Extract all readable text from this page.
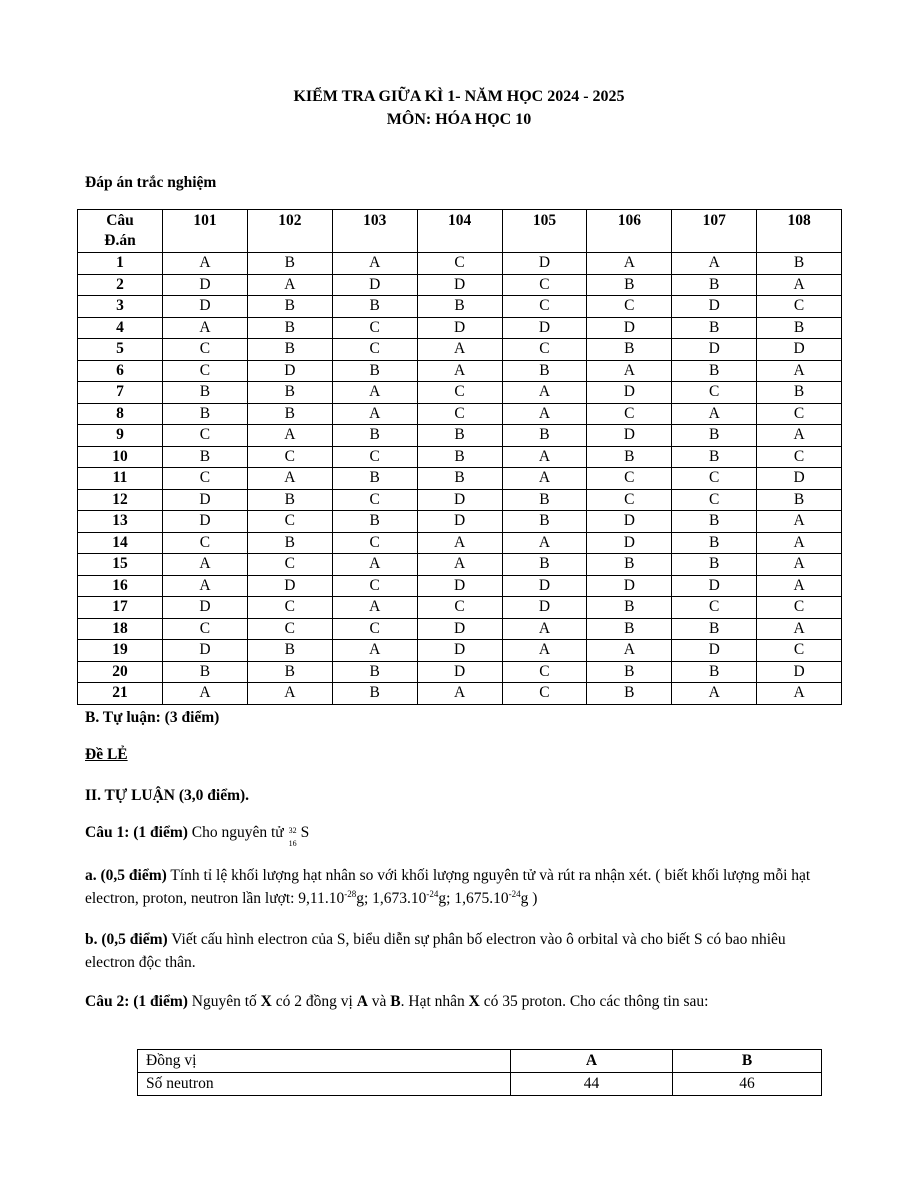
KIỂM TRA GIỮA KÌ 1- NĂM HỌC 2024 - 2025
MÔN: HÓA HỌC 10
Đáp án trắc nghiệm
Câu
Đ.án	101	102	103	104	105	106	107	108
1	A	B	A	C	D	A	A	B
2	D	A	D	D	C	B	B	A
3	D	B	B	B	C	C	D	C
4	A	B	C	D	D	D	B	B
5	C	B	C	A	C	B	D	D
6	C	D	B	A	B	A	B	A
7	B	B	A	C	A	D	C	B
8	B	B	A	C	A	C	A	C
9	C	A	B	B	B	D	B	A
10	B	C	C	B	A	B	B	C
11	C	A	B	B	A	C	C	D
12	D	B	C	D	B	C	C	B
13	D	C	B	D	B	D	B	A
14	C	B	C	A	A	D	B	A
15	A	C	A	A	B	B	B	A
16	A	D	C	D	D	D	D	A
17	D	C	A	C	D	B	C	C
18	C	C	C	D	A	B	B	A
19	D	B	A	D	A	A	D	C
20	B	B	B	D	C	B	B	D
21	A	A	B	A	C	B	A	A
B. Tự luận: (3 điểm)
Đề LẺ
II. TỰ LUẬN (3,0 điểm).
Câu 1: (1 điểm) Cho nguyên tử 32
16
S
a. (0,5 điểm) Tính tỉ lệ khối lượng hạt nhân so với khối lượng nguyên tử và rút ra nhận xét. ( biết khối lượng mỗi hạt electron, proton, neutron lần lượt: $9,11.10^{-28}g$; $1,673.10^{-24}g$; $1,675.10^{-24}g$ )
b. (0,5 điểm) Viết cấu hình electron của S, biểu diễn sự phân bố electron vào ô orbital và cho biết S có bao nhiêu electron độc thân.
Câu 2: (1 điểm) Nguyên tố X có 2 đồng vị A và B. Hạt nhân X có 35 proton. Cho các thông tin sau:
Đồng vị	A	B
Số neutron	44	46
